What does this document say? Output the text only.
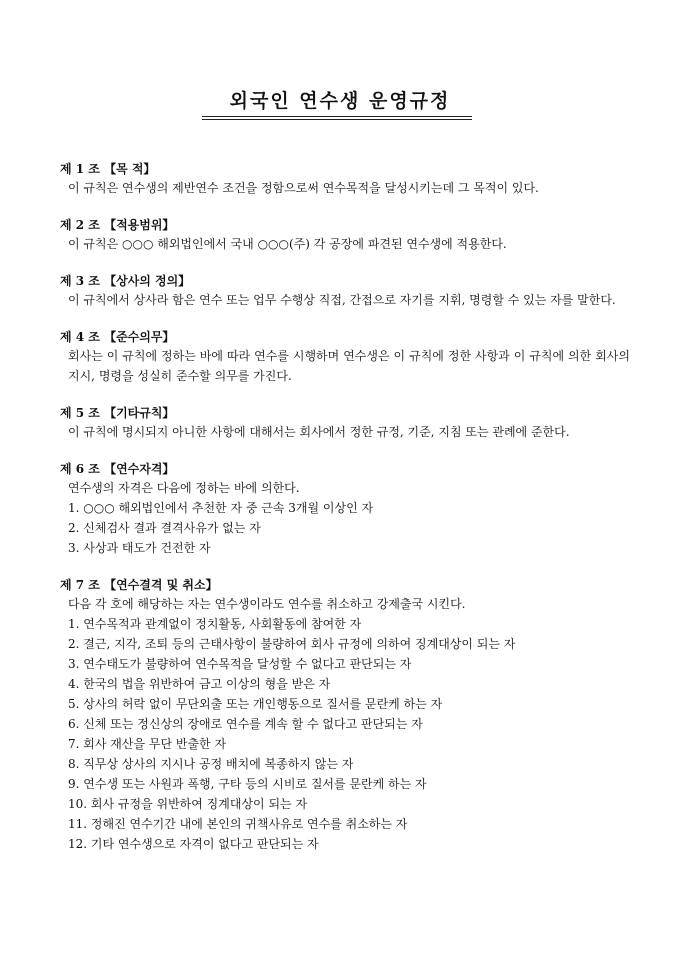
외국인 연수생 운영규정
제 1 조 【목 적】
이 규칙은 연수생의 제반연수 조건을 정함으로써 연수목적을 달성시키는데 그 목적이 있다.
제 2 조 【적용범위】
이 규칙은 ○○○ 해외법인에서 국내 ○○○(주) 각 공장에 파견된 연수생에 적용한다.
제 3 조 【상사의 정의】
이 규칙에서 상사라 함은 연수 또는 업무 수행상 직접, 간접으로 자기를 지휘, 명령할 수 있는 자를 말한다.
제 4 조 【준수의무】
회사는 이 규칙에 정하는 바에 따라 연수를 시행하며 연수생은 이 규칙에 정한 사항과 이 규칙에 의한 회사의 지시, 명령을 성실히 준수할 의무를 가진다.
제 5 조 【기타규칙】
이 규칙에 명시되지 아니한 사항에 대해서는 회사에서 정한 규정, 기준, 지침 또는 관례에 준한다.
제 6 조 【연수자격】
연수생의 자격은 다음에 정하는 바에 의한다.
1. ○○○ 해외법인에서 추천한 자 중 근속 3개월 이상인 자
2. 신체검사 결과 결격사유가 없는 자
3. 사상과 태도가 건전한 자
제 7 조 【연수결격 및 취소】
다음 각 호에 해당하는 자는 연수생이라도 연수를 취소하고 강제출국 시킨다.
1. 연수목적과 관계없이 정치활동, 사회활동에 참여한 자
2. 결근, 지각, 조퇴 등의 근태사항이 불량하여 회사 규정에 의하여 징계대상이 되는 자
3. 연수태도가 불량하여 연수목적을 달성할 수 없다고 판단되는 자
4. 한국의 법을 위반하여 금고 이상의 형을 받은 자
5. 상사의 허락 없이 무단외출 또는 개인행동으로 질서를 문란케 하는 자
6. 신체 또는 정신상의 장애로 연수를 계속 할 수 없다고 판단되는 자
7. 회사 재산을 무단 반출한 자
8. 직무상 상사의 지시나 공정 배치에 복종하지 않는 자
9. 연수생 또는 사원과 폭행, 구타 등의 시비로 질서를 문란케 하는 자
10. 회사 규정을 위반하여 징계대상이 되는 자
11. 정해진 연수기간 내에 본인의 귀책사유로 연수를 취소하는 자
12. 기타 연수생으로 자격이 없다고 판단되는 자
